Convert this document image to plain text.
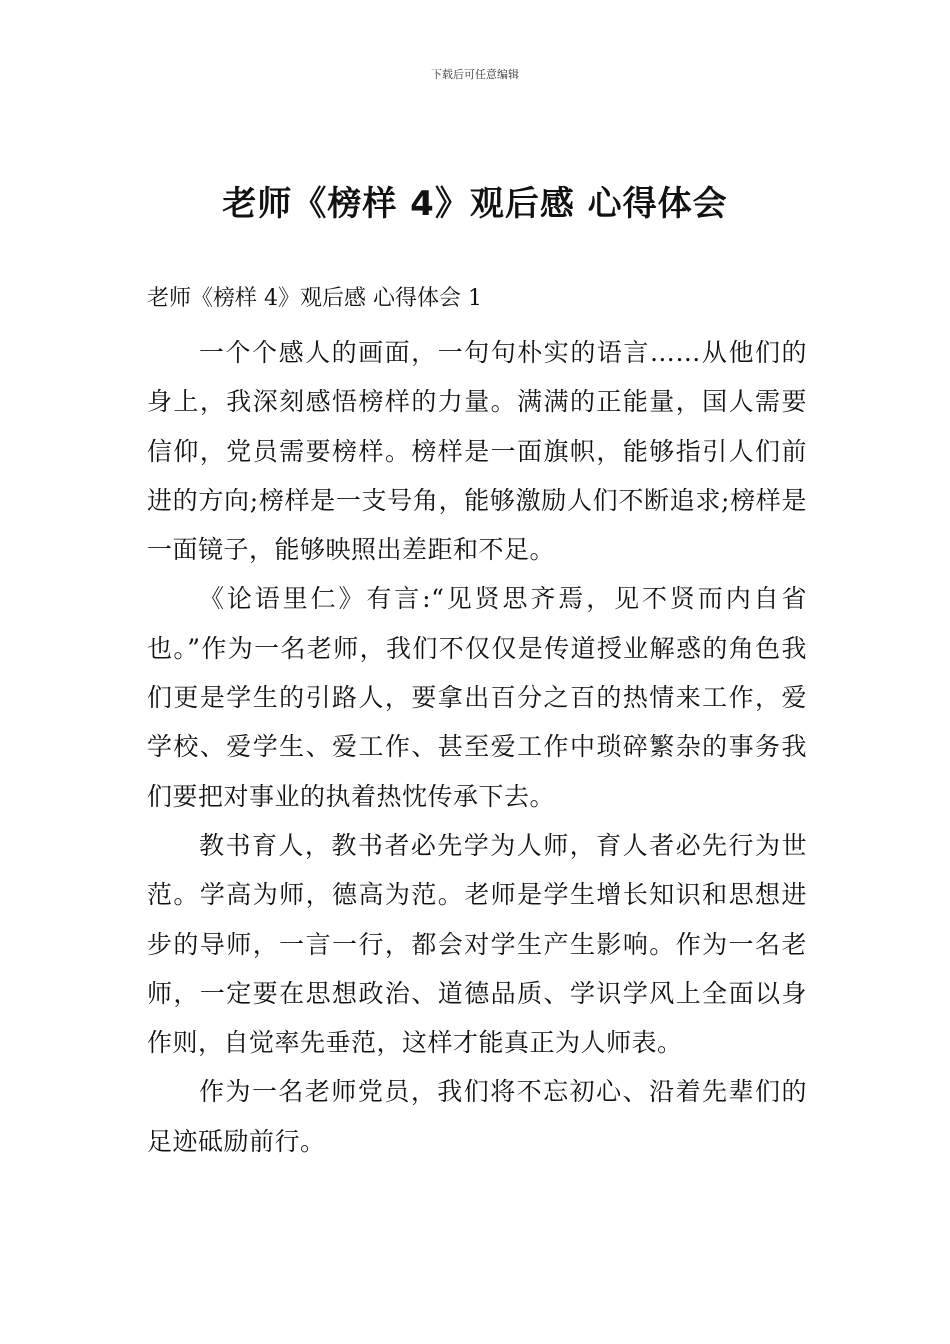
下载后可任意编辑
老师《榜样 4》观后感 心得体会
老师《榜样 4》观后感 心得体会 1

一个个感人的画面，一句句朴实的语言……从他们的身上，我深刻感悟榜样的力量。满满的正能量，国人需要信仰，党员需要榜样。榜样是一面旗帜，能够指引人们前进的方向;榜样是一支号角，能够激励人们不断追求;榜样是一面镜子，能够映照出差距和不足。

《论语里仁》有言:“见贤思齐焉，见不贤而内自省也。”作为一名老师，我们不仅仅是传道授业解惑的角色我们更是学生的引路人，要拿出百分之百的热情来工作，爱学校、爱学生、爱工作、甚至爱工作中琐碎繁杂的事务我们要把对事业的执着热忱传承下去。

教书育人，教书者必先学为人师，育人者必先行为世范。学高为师，德高为范。老师是学生增长知识和思想进步的导师，一言一行，都会对学生产生影响。作为一名老师，一定要在思想政治、道德品质、学识学风上全面以身作则，自觉率先垂范，这样才能真正为人师表。

作为一名老师党员，我们将不忘初心、沿着先辈们的足迹砥励前行。
